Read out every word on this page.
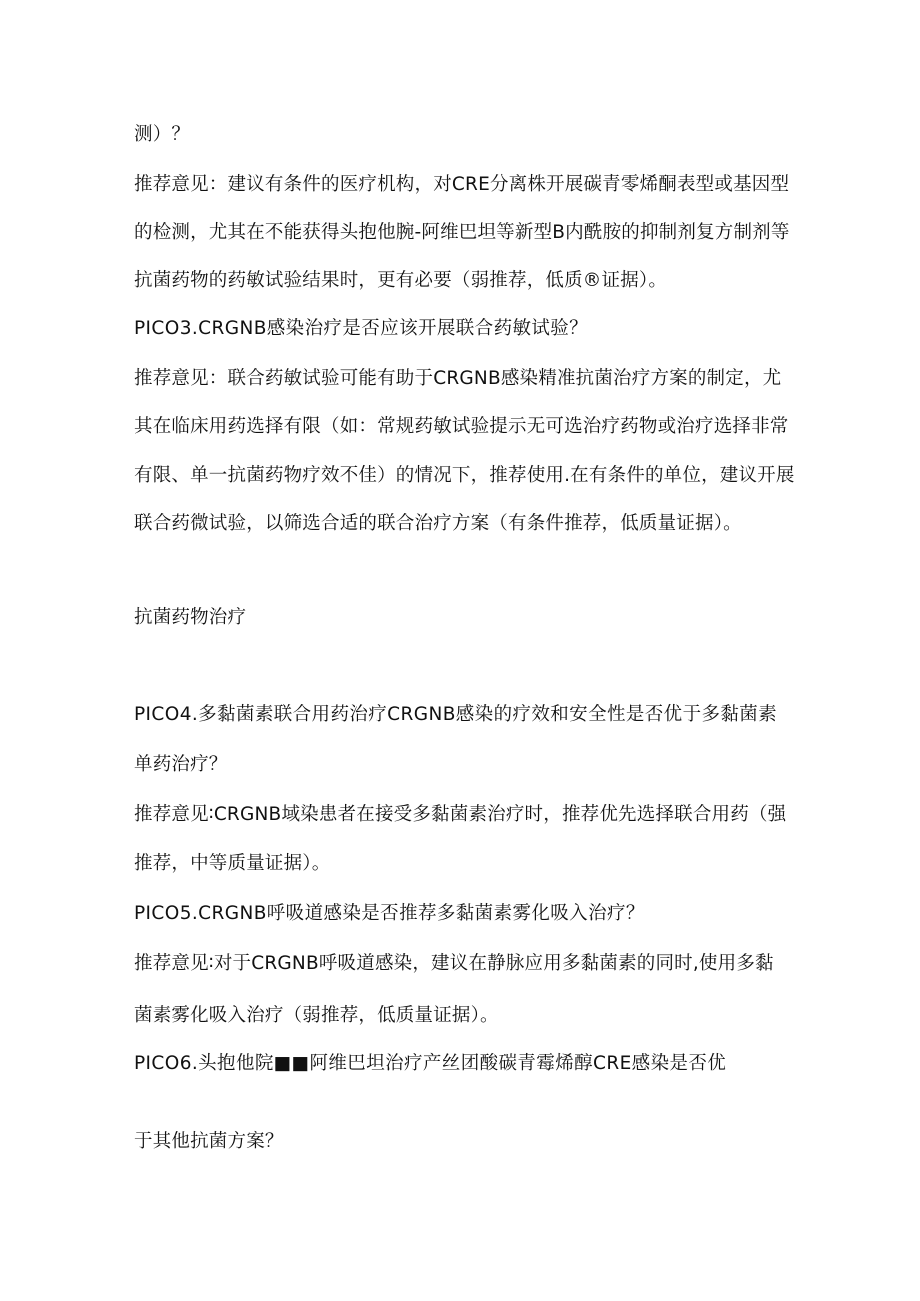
测）？
推荐意见：建议有条件的医疗机构，对CRE分离株开展碳青零烯酮表型或基因型
的检测，尤其在不能获得头抱他腕-阿维巴坦等新型B内酰胺的抑制剂复方制剂等
抗菌药物的药敏试验结果时，更有必要（弱推荐，低质®证据）。
PICO3.CRGNB感染治疗是否应该开展联合药敏试验？
推荐意见：联合药敏试验可能有助于CRGNB感染精准抗菌治疗方案的制定，尤
其在临床用药选择有限（如：常规药敏试验提示无可选治疗药物或治疗选择非常
有限、单一抗菌药物疗效不佳）的情况下，推荐使用.在有条件的单位，建议开展
联合药微试验，以筛选合适的联合治疗方案（有条件推荐，低质量证据）。
抗菌药物治疗
PICO4.多黏菌素联合用药治疗CRGNB感染的疗效和安全性是否优于多黏菌素
单药治疗？
推荐意见∶CRGNB域染患者在接受多黏菌素治疗时，推荐优先选择联合用药（强
推荐，中等质量证据）。
PICO5.CRGNB呼吸道感染是否推荐多黏菌素雾化吸入治疗？
推荐意见∶对于CRGNB呼吸道感染，建议在静脉应用多黏菌素的同时,使用多黏
菌素雾化吸入治疗（弱推荐，低质量证据）。
PICO6.头抱他院■■阿维巴坦治疗产丝团酸碳青霉烯醇CRE感染是否优
于其他抗菌方案？
